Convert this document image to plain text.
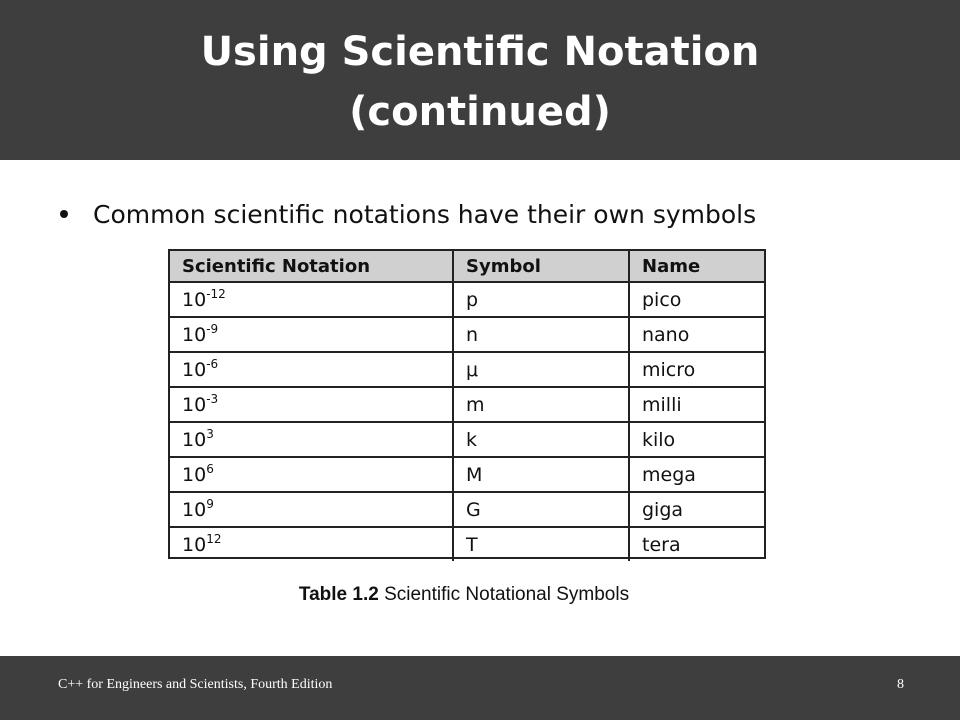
Using Scientific Notation
(continued)
Common scientific notations have their own symbols
Scientific Notation	Symbol	Name
$10^{-12}$	p	pico
$10^{-9}$	n	nano
$10^{-6}$	μ	micro
$10^{-3}$	m	milli
$10^3$	k	kilo
$10^6$	M	mega
$10^9$	G	giga
$10^{12}$	T	tera
Table 1.2 Scientific Notational Symbols
C++ for Engineers and Scientists, Fourth Edition	8
